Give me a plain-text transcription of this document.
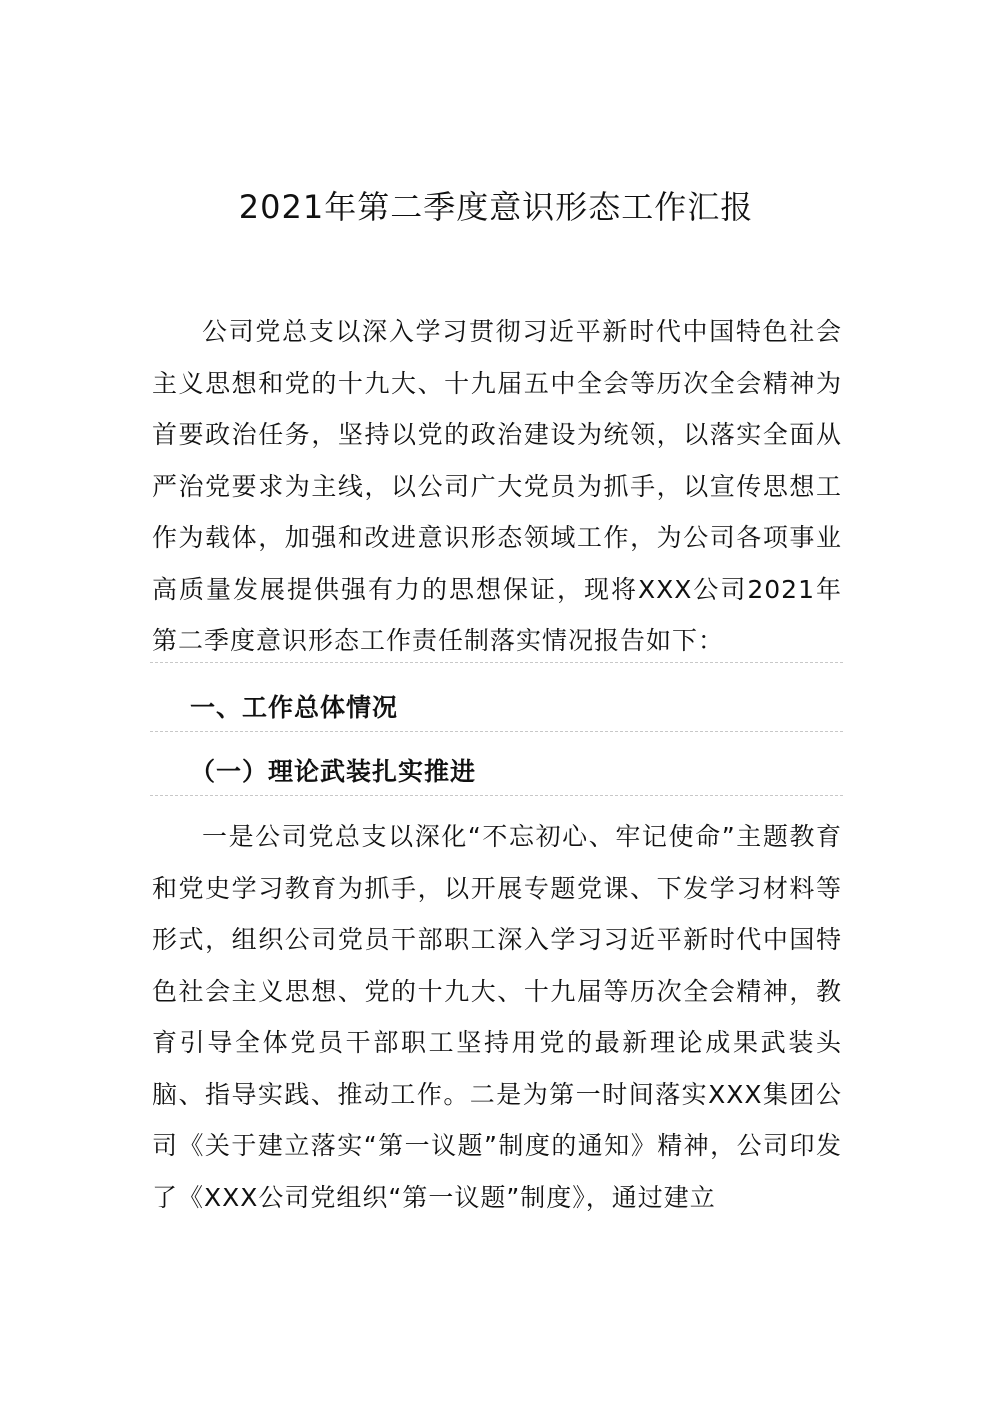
2021年第二季度意识形态工作汇报

公司党总支以深入学习贯彻习近平新时代中国特色社会主义思想和党的十九大、十九届五中全会等历次全会精神为首要政治任务，坚持以党的政治建设为统领，以落实全面从严治党要求为主线，以公司广大党员为抓手，以宣传思想工作为载体，加强和改进意识形态领域工作，为公司各项事业高质量发展提供强有力的思想保证，现将XXX公司2021年第二季度意识形态工作责任制落实情况报告如下：

一、工作总体情况
（一）理论武装扎实推进

一是公司党总支以深化“不忘初心、牢记使命”主题教育和党史学习教育为抓手，以开展专题党课、下发学习材料等形式，组织公司党员干部职工深入学习习近平新时代中国特色社会主义思想、党的十九大、十九届等历次全会精神，教育引导全体党员干部职工坚持用党的最新理论成果武装头脑、指导实践、推动工作。二是为第一时间落实XXX集团公司《关于建立落实“第一议题”制度的通知》精神，公司印发了《XXX公司党组织“第一议题”制度》，通过建立
